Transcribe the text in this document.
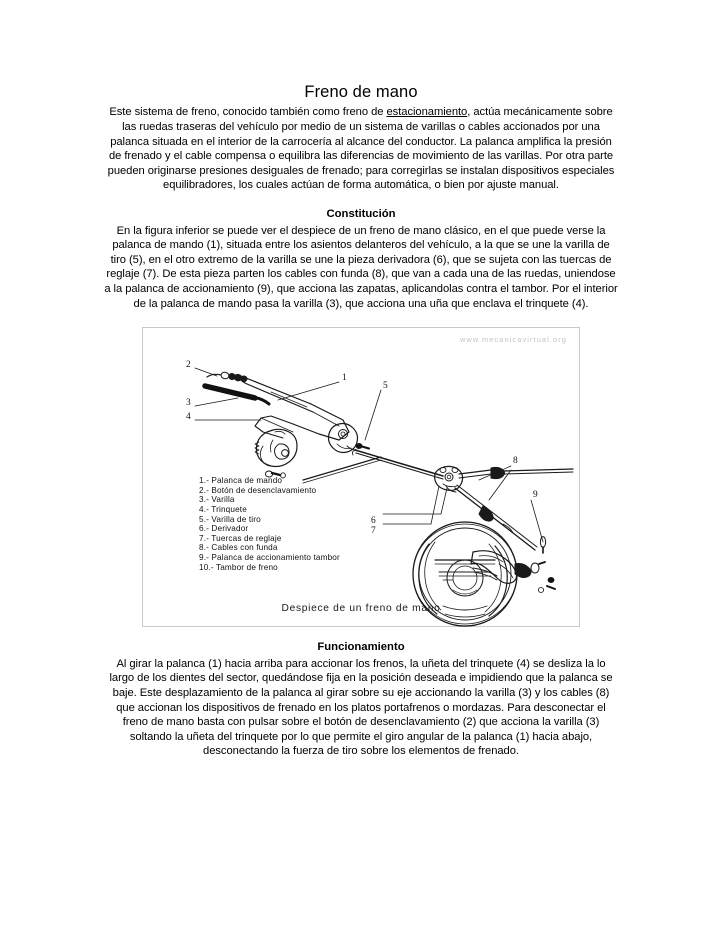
Freno de mano

Este sistema de freno, conocido también como freno de estacionamiento, actúa mecánicamente sobre las ruedas traseras del vehículo por medio de un sistema de varillas o cables accionados por una palanca situada en el interior de la carrocería al alcance del conductor. La palanca amplifica la presión de frenado y el cable compensa o equilibra las diferencias de movimiento de las varillas. Por otra parte pueden originarse presiones desiguales de frenado; para corregirlas se instalan dispositivos especiales equilibradores, los cuales actúan de forma automática, o bien por ajuste manual.

Constitución

En la figura inferior se puede ver el despiece de un freno de mano clásico, en el que puede verse la palanca de mando (1), situada entre los asientos delanteros del vehículo, a la que se une la varilla de tiro (5), en el otro extremo de la varilla se une la pieza derivadora (6), que se sujeta con las tuercas de reglaje (7). De esta pieza parten los cables con funda (8), que van a cada una de las ruedas, uniendose a la palanca de accionamiento (9), que acciona las zapatas, aplicandolas contra el tambor. Por el interior de la palanca de mando pasa la varilla (3), que acciona una uña que enclava el trinquete (4).

www.mecanicavirtual.org
2
3
4
1
5
6
7
8
9
1.- Palanca de mando
2.- Botón de desenclavamiento
3.- Varilla
4.- Trinquete
5.- Varilla de tiro
6.- Derivador
7.- Tuercas de reglaje
8.- Cables con funda
9.- Palanca de accionamiento tambor
10.- Tambor de freno
Despiece de un freno de mano
Funcionamiento

Al girar la palanca (1) hacia arriba para accionar los frenos, la uñeta del trinquete (4) se desliza la lo largo de los dientes del sector, quedándose fija en la posición deseada e impidiendo que la palanca se baje. Este desplazamiento de la palanca al girar sobre su eje accionando la varilla (3) y los cables (8) que accionan los dispositivos de frenado en los platos portafrenos o mordazas. Para desconectar el freno de mano basta con pulsar sobre el botón de desenclavamiento (2) que acciona la varilla (3) soltando la uñeta del trinquete por lo que permite el giro angular de la palanca (1) hacia abajo, desconectando la fuerza de tiro sobre los elementos de frenado.
